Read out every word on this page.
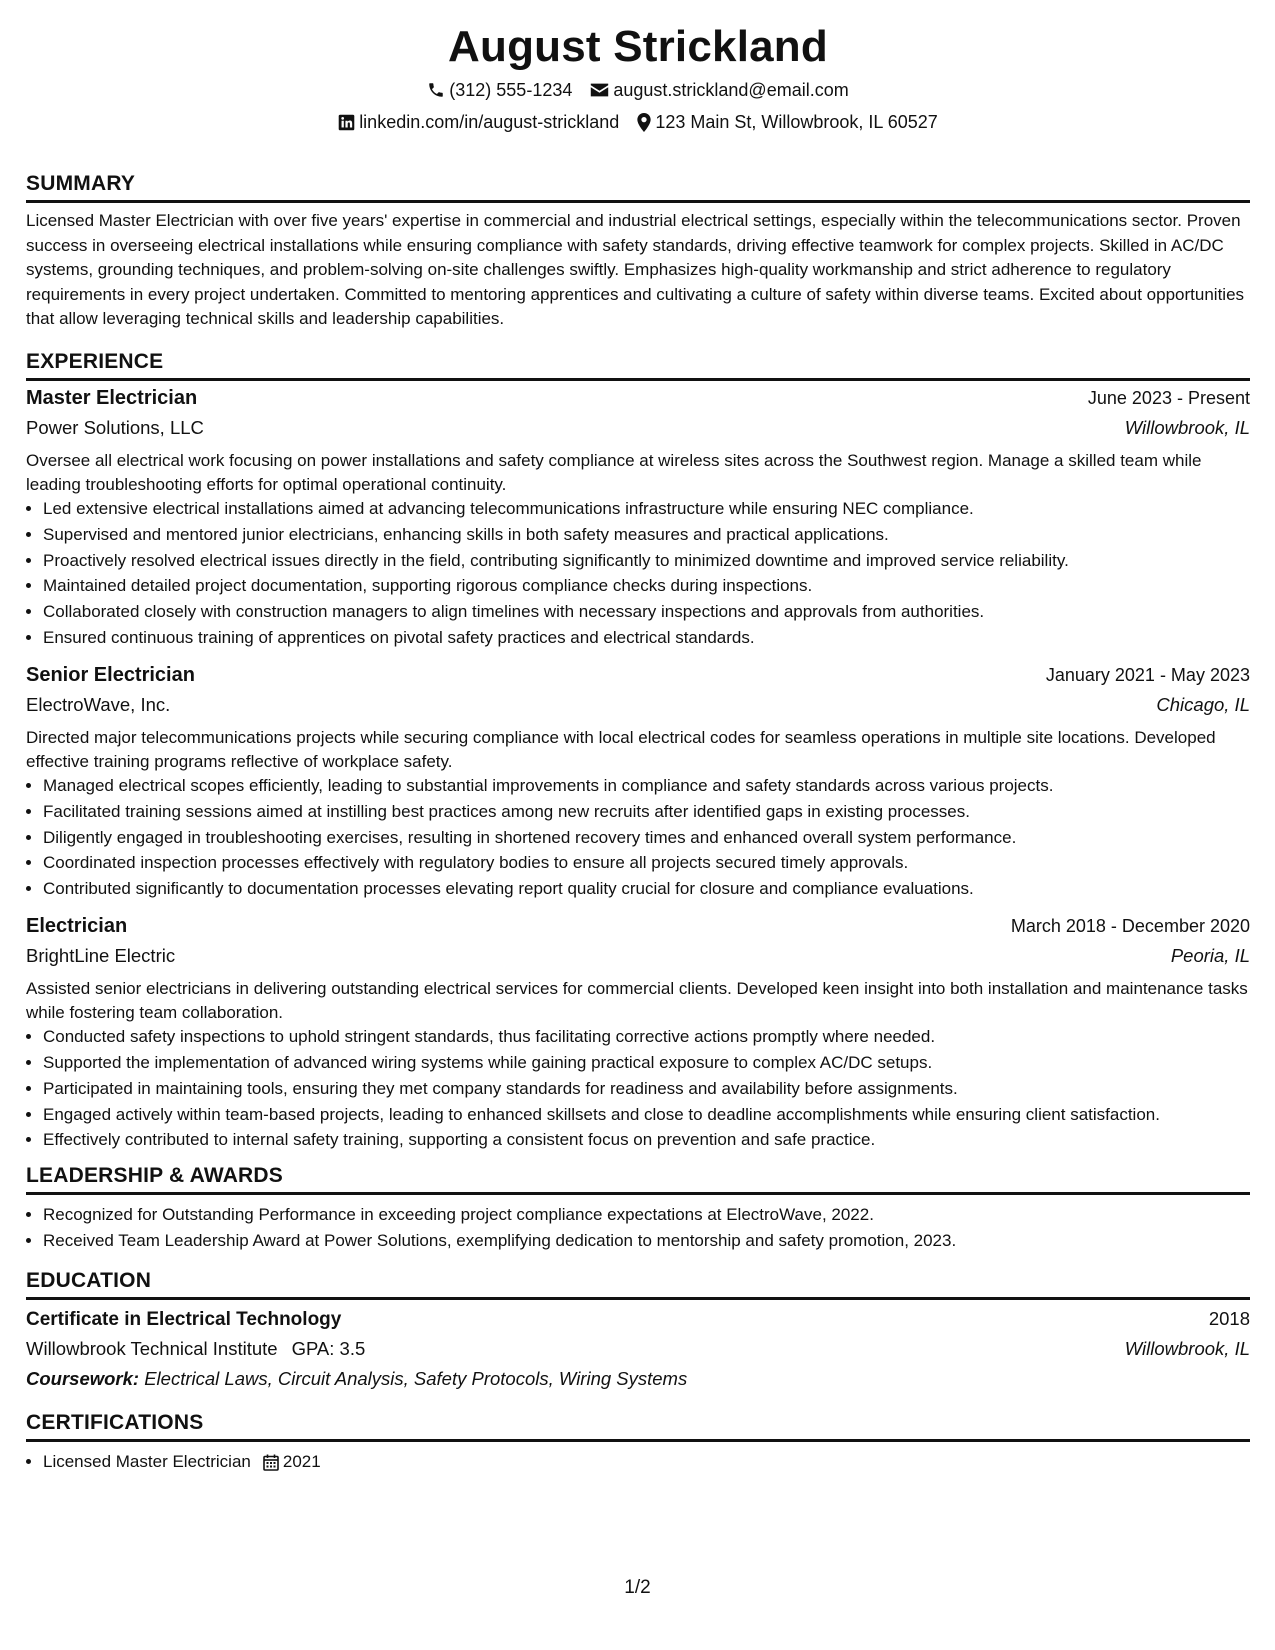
August Strickland
(312) 555-1234 august.strickland@email.com
linkedin.com/in/august-strickland 123 Main St, Willowbrook, IL 60527
SUMMARY

Licensed Master Electrician with over five years' expertise in commercial and industrial electrical settings, especially within the telecommunications sector. Proven success in overseeing electrical installations while ensuring compliance with safety standards, driving effective teamwork for complex projects. Skilled in AC/DC systems, grounding techniques, and problem-solving on-site challenges swiftly. Emphasizes high-quality workmanship and strict adherence to regulatory requirements in every project undertaken. Committed to mentoring apprentices and cultivating a culture of safety within diverse teams. Excited about opportunities that allow leveraging technical skills and leadership capabilities.

EXPERIENCE
Master Electrician	June 2023 - Present
Power Solutions, LLC	Willowbrook, IL

Oversee all electrical work focusing on power installations and safety compliance at wireless sites across the Southwest region. Manage a skilled team while leading troubleshooting efforts for optimal operational continuity.

• Led extensive electrical installations aimed at advancing telecommunications infrastructure while ensuring NEC compliance.
• Supervised and mentored junior electricians, enhancing skills in both safety measures and practical applications.
• Proactively resolved electrical issues directly in the field, contributing significantly to minimized downtime and improved service reliability.
• Maintained detailed project documentation, supporting rigorous compliance checks during inspections.
• Collaborated closely with construction managers to align timelines with necessary inspections and approvals from authorities.
• Ensured continuous training of apprentices on pivotal safety practices and electrical standards.
Senior Electrician	January 2021 - May 2023
ElectroWave, Inc.	Chicago, IL

Directed major telecommunications projects while securing compliance with local electrical codes for seamless operations in multiple site locations. Developed effective training programs reflective of workplace safety.

• Managed electrical scopes efficiently, leading to substantial improvements in compliance and safety standards across various projects.
• Facilitated training sessions aimed at instilling best practices among new recruits after identified gaps in existing processes.
• Diligently engaged in troubleshooting exercises, resulting in shortened recovery times and enhanced overall system performance.
• Coordinated inspection processes effectively with regulatory bodies to ensure all projects secured timely approvals.
• Contributed significantly to documentation processes elevating report quality crucial for closure and compliance evaluations.
Electrician	March 2018 - December 2020
BrightLine Electric	Peoria, IL

Assisted senior electricians in delivering outstanding electrical services for commercial clients. Developed keen insight into both installation and maintenance tasks while fostering team collaboration.

• Conducted safety inspections to uphold stringent standards, thus facilitating corrective actions promptly where needed.
• Supported the implementation of advanced wiring systems while gaining practical exposure to complex AC/DC setups.
• Participated in maintaining tools, ensuring they met company standards for readiness and availability before assignments.
• Engaged actively within team-based projects, leading to enhanced skillsets and close to deadline accomplishments while ensuring client satisfaction.
• Effectively contributed to internal safety training, supporting a consistent focus on prevention and safe practice.
LEADERSHIP & AWARDS
• Recognized for Outstanding Performance in exceeding project compliance expectations at ElectroWave, 2022.
• Received Team Leadership Award at Power Solutions, exemplifying dedication to mentorship and safety promotion, 2023.
EDUCATION
Certificate in Electrical Technology	2018
Willowbrook Technical Institute GPA: 3.5	Willowbrook, IL
Coursework: Electrical Laws, Circuit Analysis, Safety Protocols, Wiring Systems
CERTIFICATIONS
• Licensed Master Electrician 2021
1/2
